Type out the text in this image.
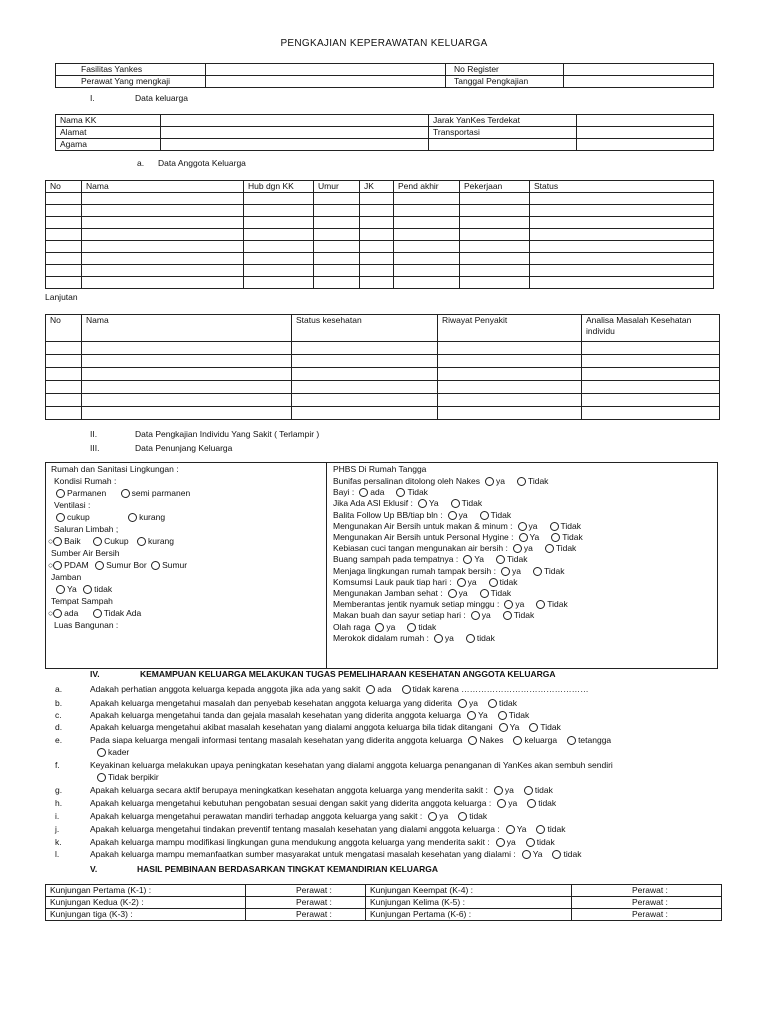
PENGKAJIAN KEPERAWATAN KELUARGA
Fasilitas Yankes		No Register	
Perawat Yang mengkaji		Tanggal Pengkajian	
I.	Data keluarga
Nama KK		Jarak YanKes Terdekat	
Alamat		Transportasi	
Agama			
a. Data Anggota Keluarga
No	Nama	Hub dgn KK	Umur	JK	Pend akhir	Pekerjaan	Status

Lanjutan
No	Nama	Status kesehatan	Riwayat Penyakit	Analisa Masalah Kesehatan individu

II.	Data Pengkajian Individu Yang Sakit ( Terlampir )
III.	Data Penunjang Keluarga
Rumah dan Sanitasi Lingkungan :
Kondisi Rumah :
Parmanen	semi parmanen
Ventilasi :
cukup	kurang
Saluran Limbah ;
○ Baik	Cukup kurang
Sumber Air Bersih
○ PDAM Sumur Bor Sumur
Jamban
Ya tidak
Tempat Sampah
○ ada	Tidak Ada
Luas Bangunan :
PHBS Di Rumah Tangga
Bunifas persalinan ditolong oleh Nakes ya	Tidak
Bayi : ada	Tidak
Jika Ada ASI Eklusif : Ya	Tidak
Balita Follow Up BB/tiap bln : ya	Tidak
Mengunakan Air Bersih untuk makan & minum : ya	Tidak
Mengunakan Air Bersih untuk Personal Hygine : Ya	Tidak
Kebiasan cuci tangan mengunakan air bersih : ya	Tidak
Buang sampah pada tempatnya : Ya	Tidak
Menjaga lingkungan rumah tampak bersih : ya	Tidak
Komsumsi Lauk pauk tiap hari : ya	tidak
Mengunakan Jamban sehat : ya	Tidak
Memberantas jentik nyamuk setiap minggu : ya	Tidak
Makan buah dan sayur setiap hari : ya	Tidak
Olah raga ya	tidak
Merokok didalam rumah : ya	tidak
IV.	KEMAMPUAN KELUARGA MELAKUKAN TUGAS PEMELIHARAAN KESEHATAN ANGGOTA KELUARGA
a.	Adakah perhatian anggota keluarga kepada anggota jika ada yang sakit ada tidak karena ………………………………………
b.	Apakah keluarga mengetahui masalah dan penyebab kesehatan anggota keluarga yang diderita ya tidak
c.	Apakah keluarga mengetahui tanda dan gejala masalah kesehatan yang diderita anggota keluarga Ya Tidak
d.	Apakah keluarga mengetahui akibat masalah kesehatan yang dialami anggota keluarga bila tidak ditangani Ya Tidak
e.	Pada siapa keluarga mengali informasi tentang masalah kesehatan yang diderita anggota keluarga Nakes keluarga tetangga
kader
f.	Keyakinan keluarga melakukan upaya peningkatan kesehatan yang dialami anggota keluarga penanganan di YanKes akan sembuh sendiri
Tidak berpikir
g.	Apakah keluarga secara aktif berupaya meningkatkan kesehatan anggota keluarga yang menderita sakit : ya tidak
h.	Apakah keluarga mengetahui kebutuhan pengobatan sesuai dengan sakit yang diderita anggota keluarga : ya tidak
i.	Apakah keluarga mengetahui perawatan mandiri terhadap anggota keluarga yang sakit : ya tidak
j.	Apakah keluarga mengetahui tindakan preventif tentang masalah kesehatan yang dialami anggota keluarga : Ya tidak
k.	Apakah keluarga mampu modifikasi lingkungan guna mendukung anggota keluarga yang menderita sakit : ya tidak
l.	Apakah keluarga mampu memanfaatkan sumber masyarakat untuk mengatasi masalah kesehatan yang dialami : Ya tidak
V.	HASIL PEMBINAAN BERDASARKAN TINGKAT KEMANDIRIAN KELUARGA
Kunjungan Pertama (K-1) :	Perawat :	Kunjungan Keempat (K-4) :	Perawat :
Kunjungan Kedua (K-2) :	Perawat :	Kunjungan Kelima (K-5) :	Perawat :
Kunjungan tiga (K-3) :	Perawat :	Kunjungan Pertama (K-6) :	Perawat :
